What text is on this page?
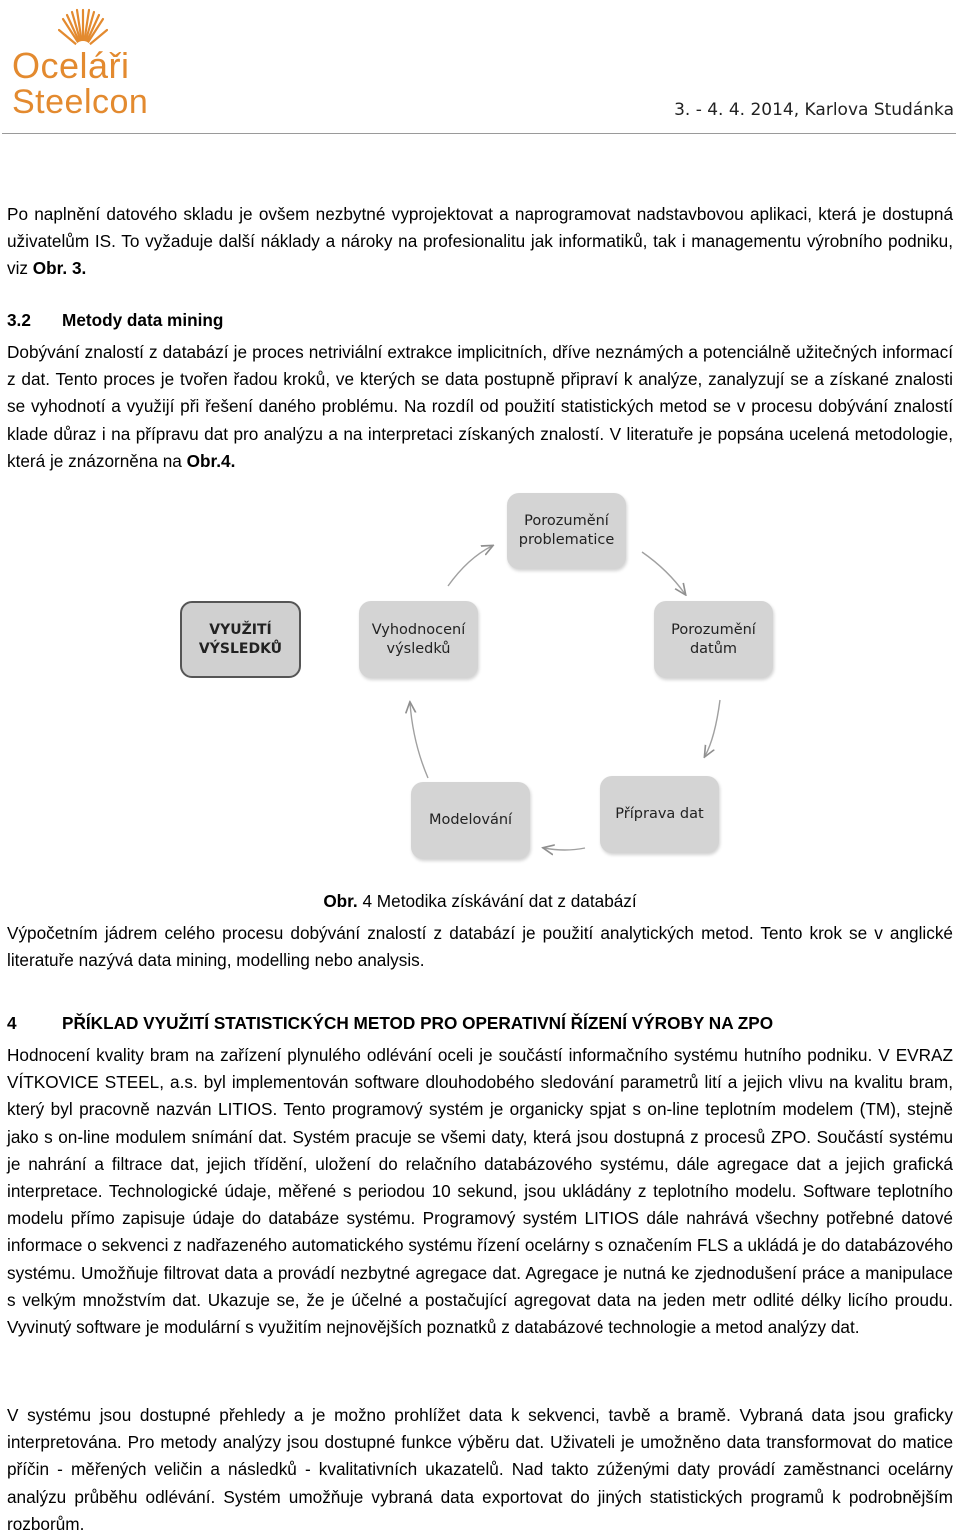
Oceláři
Steelcon	3. - 4. 4. 2014, Karlova Studánka

Po naplnění datového skladu je ovšem nezbytné vyprojektovat a naprogramovat nadstavbovou aplikaci, která je dostupná uživatelům IS. To vyžaduje další náklady a nároky na profesionalitu jak informatiků, tak i managementu výrobního podniku, viz Obr. 3.

3.2 Metody data mining

Dobývání znalostí z databází je proces netriviální extrakce implicitních, dříve neznámých a potenciálně užitečných informací z dat. Tento proces je tvořen řadou kroků, ve kterých se data postupně připraví k analýze, zanalyzují se a získané znalosti se vyhodnotí a využijí při řešení daného problému. Na rozdíl od použití statistických metod se v procesu dobývání znalostí klade důraz i na přípravu dat pro analýzu a na interpretaci získaných znalostí. V literatuře je popsána ucelená metodologie, která je znázorněna na Obr.4.

Porozumění problematice
Porozumění datům
Příprava dat
Modelování
Vyhodnocení výsledků
VYUŽITÍ VÝSLEDKŮ
Obr. 4 Metodika získávání dat z databází

Výpočetním jádrem celého procesu dobývání znalostí z databází je použití analytických metod. Tento krok se v anglické literatuře nazývá data mining, modelling nebo analysis.

4	PŘÍKLAD VYUŽITÍ STATISTICKÝCH METOD PRO OPERATIVNÍ ŘÍZENÍ VÝROBY NA ZPO

Hodnocení kvality bram na zařízení plynulého odlévání oceli je součástí informačního systému hutního podniku. V EVRAZ VÍTKOVICE STEEL, a.s. byl implementován software dlouhodobého sledování parametrů lití a jejich vlivu na kvalitu bram, který byl pracovně nazván LITIOS. Tento programový systém je organicky spjat s on-line teplotním modelem (TM), stejně jako s on-line modulem snímání dat. Systém pracuje se všemi daty, která jsou dostupná z procesů ZPO. Součástí systému je nahrání a filtrace dat, jejich třídění, uložení do relačního databázového systému, dále agregace dat a jejich grafická interpretace. Technologické údaje, měřené s periodou 10 sekund, jsou ukládány z teplotního modelu. Software teplotního modelu přímo zapisuje údaje do databáze systému. Programový systém LITIOS dále nahrává všechny potřebné datové informace o sekvenci z nadřazeného automatického systému řízení ocelárny s označením FLS a ukládá je do databázového systému. Umožňuje filtrovat data a provádí nezbytné agregace dat. Agregace je nutná ke zjednodušení práce a manipulace s velkým množstvím dat. Ukazuje se, že je účelné a postačující agregovat data na jeden metr odlité délky licího proudu. Vyvinutý software je modulární s využitím nejnovějších poznatků z databázové technologie a metod analýzy dat.

V systému jsou dostupné přehledy a je možno prohlížet data k sekvenci, tavbě a bramě. Vybraná data jsou graficky interpretována. Pro metody analýzy jsou dostupné funkce výběru dat. Uživateli je umožněno data transformovat do matice příčin - měřených veličin a následků - kvalitativních ukazatelů. Nad takto zúženými daty provádí zaměstnanci ocelárny analýzu průběhu odlévání. Systém umožňuje vybraná data exportovat do jiných statistických programů k podrobnějším rozborům.
